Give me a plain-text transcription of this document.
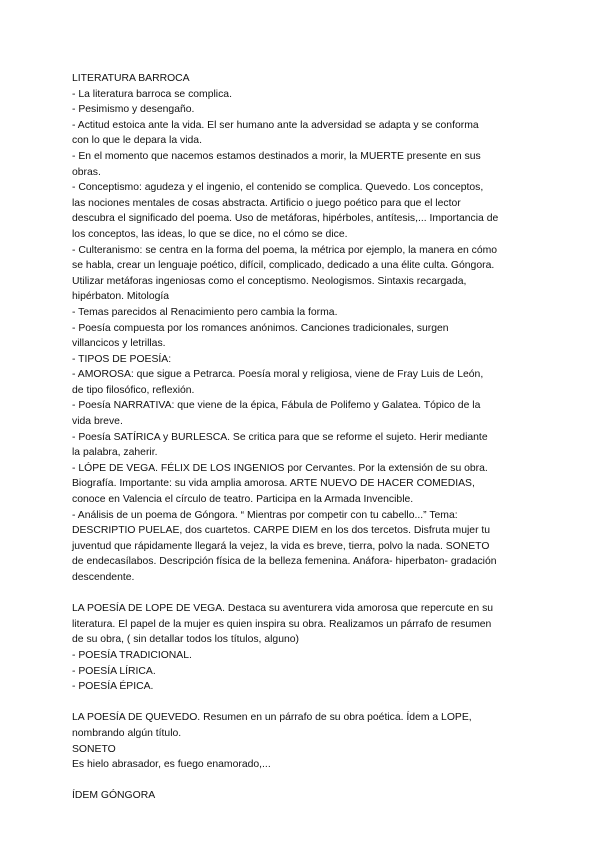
LITERATURA BARROCA
- La literatura barroca se complica.
- Pesimismo y desengaño.
- Actitud estoica ante la vida. El ser humano ante la adversidad se adapta y se conforma
con lo que le depara la vida.
- En el momento que nacemos estamos destinados a morir, la MUERTE presente en sus
obras.
- Conceptismo: agudeza y el ingenio, el contenido se complica. Quevedo. Los conceptos,
las nociones mentales de cosas abstracta. Artificio o juego poético para que el lector
descubra el significado del poema. Uso de metáforas, hipérboles, antítesis,... Importancia de
los conceptos, las ideas, lo que se dice, no el cómo se dice.
- Culteranismo: se centra en la forma del poema, la métrica por ejemplo, la manera en cómo
se habla, crear un lenguaje poético, difícil, complicado, dedicado a una élite culta. Góngora.
Utilizar metáforas ingeniosas como el conceptismo. Neologismos. Sintaxis recargada,
hipérbaton. Mitología
- Temas parecidos al Renacimiento pero cambia la forma.
- Poesía compuesta por los romances anónimos. Canciones tradicionales, surgen
villancicos y letrillas.
- TIPOS DE POESÍA:
- AMOROSA: que sigue a Petrarca. Poesía moral y religiosa, viene de Fray Luis de León,
de tipo filosófico, reflexión.
- Poesía NARRATIVA: que viene de la épica, Fábula de Polifemo y Galatea. Tópico de la
vida breve.
- Poesía SATÍRICA y BURLESCA. Se critica para que se reforme el sujeto. Herir mediante
la palabra, zaherir.
- LÓPE DE VEGA. FÉLIX DE LOS INGENIOS por Cervantes. Por la extensión de su obra.
Biografía. Importante: su vida amplia amorosa. ARTE NUEVO DE HACER COMEDIAS,
conoce en Valencia el círculo de teatro. Participa en la Armada Invencible.
- Análisis de un poema de Góngora. “ Mientras por competir con tu cabello...” Tema:
DESCRIPTIO PUELAE, dos cuartetos. CARPE DIEM en los dos tercetos. Disfruta mujer tu
juventud que rápidamente llegará la vejez, la vida es breve, tierra, polvo la nada. SONETO
de endecasílabos. Descripción física de la belleza femenina. Anáfora- hiperbaton- gradación
descendente.
LA POESÍA DE LOPE DE VEGA. Destaca su aventurera vida amorosa que repercute en su
literatura. El papel de la mujer es quien inspira su obra. Realizamos un párrafo de resumen
de su obra, ( sin detallar todos los títulos, alguno)
- POESÍA TRADICIONAL.
- POESÍA LÍRICA.
- POESÍA ÉPICA.
LA POESÍA DE QUEVEDO. Resumen en un párrafo de su obra poética. Ídem a LOPE,
nombrando algún título.
SONETO
Es hielo abrasador, es fuego enamorado,...
ÍDEM GÓNGORA
